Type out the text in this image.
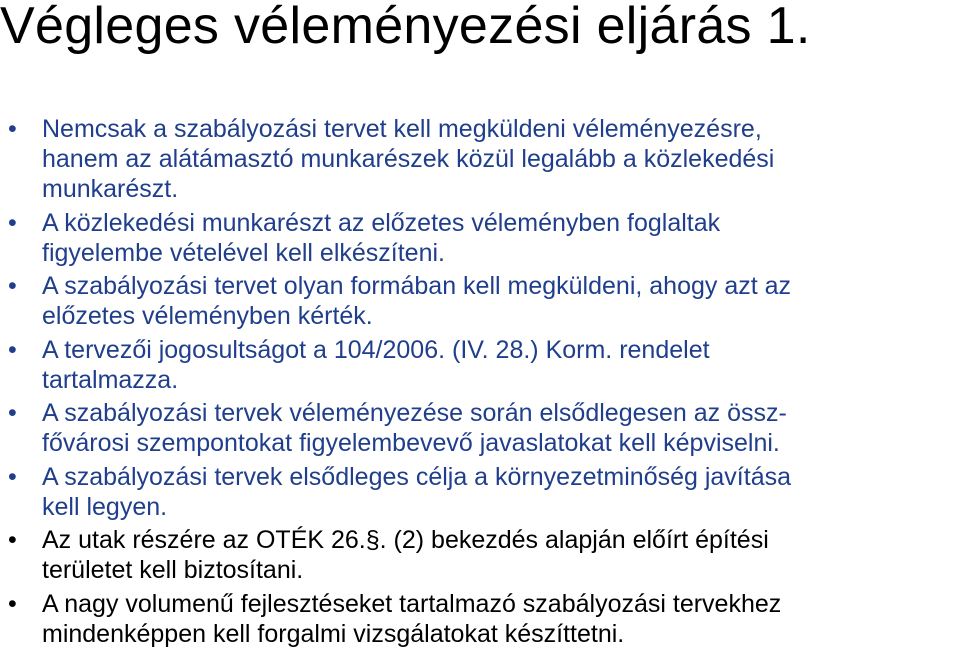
Végleges véleményezési eljárás 1.
• Nemcsak a szabályozási tervet kell megküldeni véleményezésre,
hanem az alátámasztó munkarészek közül legalább a közlekedési
munkarészt.
• A közlekedési munkarészt az előzetes véleményben foglaltak
figyelembe vételével kell elkészíteni.
• A szabályozási tervet olyan formában kell megküldeni, ahogy azt az
előzetes véleményben kérték.
• A tervezői jogosultságot a 104/2006. (IV. 28.) Korm. rendelet
tartalmazza.
• A szabályozási tervek véleményezése során elsődlegesen az össz-
fővárosi szempontokat figyelembevevő javaslatokat kell képviselni.
• A szabályozási tervek elsődleges célja a környezetminőség javítása
kell legyen.
• Az utak részére az OTÉK 26.§. (2) bekezdés alapján előírt építési
területet kell biztosítani.
• A nagy volumenű fejlesztéseket tartalmazó szabályozási tervekhez
mindenképpen kell forgalmi vizsgálatokat készíttetni.
